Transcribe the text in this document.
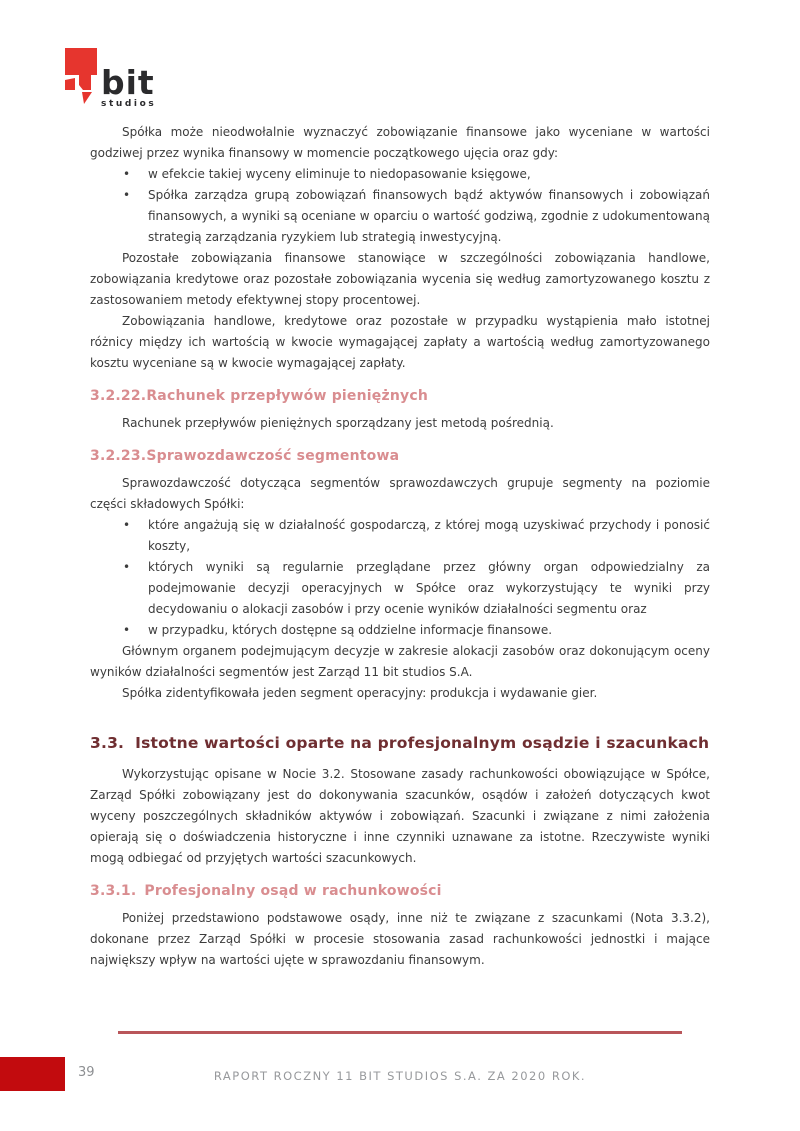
bit
studios

Spółka może nieodwołalnie wyznaczyć zobowiązanie finansowe jako wyceniane w wartości godziwej przez wynika finansowy w momencie początkowego ujęcia oraz gdy:

• w efekcie takiej wyceny eliminuje to niedopasowanie księgowe,
• Spółka zarządza grupą zobowiązań finansowych bądź aktywów finansowych i zobowiązań finansowych, a wyniki są oceniane w oparciu o wartość godziwą, zgodnie z udokumentowaną strategią zarządzania ryzykiem lub strategią inwestycyjną.

Pozostałe zobowiązania finansowe stanowiące w szczególności zobowiązania handlowe, zobowiązania kredytowe oraz pozostałe zobowiązania wycenia się według zamortyzowanego kosztu z zastosowaniem metody efektywnej stopy procentowej.

Zobowiązania handlowe, kredytowe oraz pozostałe w przypadku wystąpienia mało istotnej różnicy między ich wartością w kwocie wymagającej zapłaty a wartością według zamortyzowanego kosztu wyceniane są w kwocie wymagającej zapłaty.

3.2.22.Rachunek przepływów pieniężnych

Rachunek przepływów pieniężnych sporządzany jest metodą pośrednią.

3.2.23.Sprawozdawczość segmentowa

Sprawozdawczość dotycząca segmentów sprawozdawczych grupuje segmenty na poziomie części składowych Spółki:

• które angażują się w działalność gospodarczą, z której mogą uzyskiwać przychody i ponosić koszty,
• których wyniki są regularnie przeglądane przez główny organ odpowiedzialny za podejmowanie decyzji operacyjnych w Spółce oraz wykorzystujący te wyniki przy decydowaniu o alokacji zasobów i przy ocenie wyników działalności segmentu oraz
• w przypadku, których dostępne są oddzielne informacje finansowe.

Głównym organem podejmującym decyzje w zakresie alokacji zasobów oraz dokonującym oceny wyników działalności segmentów jest Zarząd 11 bit studios S.A.

Spółka zidentyfikowała jeden segment operacyjny: produkcja i wydawanie gier.

3.3. Istotne wartości oparte na profesjonalnym osądzie i szacunkach

Wykorzystując opisane w Nocie 3.2. Stosowane zasady rachunkowości obowiązujące w Spółce, Zarząd Spółki zobowiązany jest do dokonywania szacunków, osądów i założeń dotyczących kwot wyceny poszczególnych składników aktywów i zobowiązań. Szacunki i związane z nimi założenia opierają się o doświadczenia historyczne i inne czynniki uznawane za istotne. Rzeczywiste wyniki mogą odbiegać od przyjętych wartości szacunkowych.

3.3.1. Profesjonalny osąd w rachunkowości

Poniżej przedstawiono podstawowe osądy, inne niż te związane z szacunkami (Nota 3.3.2), dokonane przez Zarząd Spółki w procesie stosowania zasad rachunkowości jednostki i mające największy wpływ na wartości ujęte w sprawozdaniu finansowym.

39	RAPORT ROCZNY 11 BIT STUDIOS S.A. ZA 2020 ROK.
